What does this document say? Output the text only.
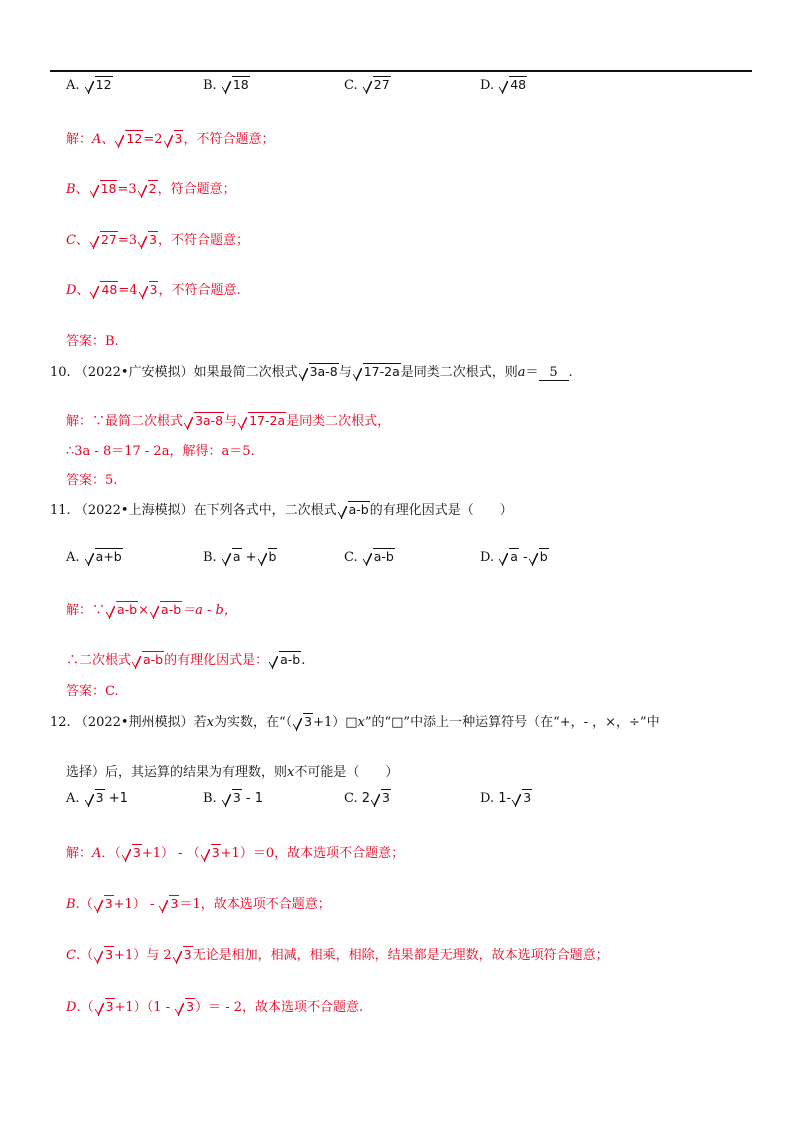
A. 12	B. 18	C. 27	D. 48
解：A、 12=2 3，不符合题意；
B、 18=3 2，符合题意；
C、 27=3 3，不符合题意；
D、 48=4 3，不符合题意.
答案：B.
10. （2022•广安模拟）如果最简二次根式 3a-8与 17-2a是同类二次根式，则a＝ 5 .
解：∵最简二次根式 3a-8与 17-2a是同类二次根式，
∴3a - 8＝17 - 2a，解得：a＝5.
答案：5.
11. （2022•上海模拟）在下列各式中，二次根式 a-b的有理化因式是（　　）
A. a+b	B. a + b	C. a-b	D. a - b
解：∵ a-b× a-b＝a - b，
∴二次根式 a-b的有理化因式是： a-b.
答案：C.
12. （2022•荆州模拟）若x为实数，在“（ 3+1）□x”的“□”中添上一种运算符号（在“+，- ，×，÷”中
选择）后，其运算的结果为有理数，则x不可能是（　　）
A. 3 +1	B. 3 - 1	C. 2 3	D. 1- 3
解：A．（ 3+1） - （ 3+1）＝0，故本选项不合题意；
B.（ 3+1） - 3＝1，故本选项不合题意；
C.（ 3+1）与 2 3无论是相加，相减，相乘，相除，结果都是无理数，故本选项符合题意；
D.（ 3+1）（1 - 3）＝ - 2，故本选项不合题意.
